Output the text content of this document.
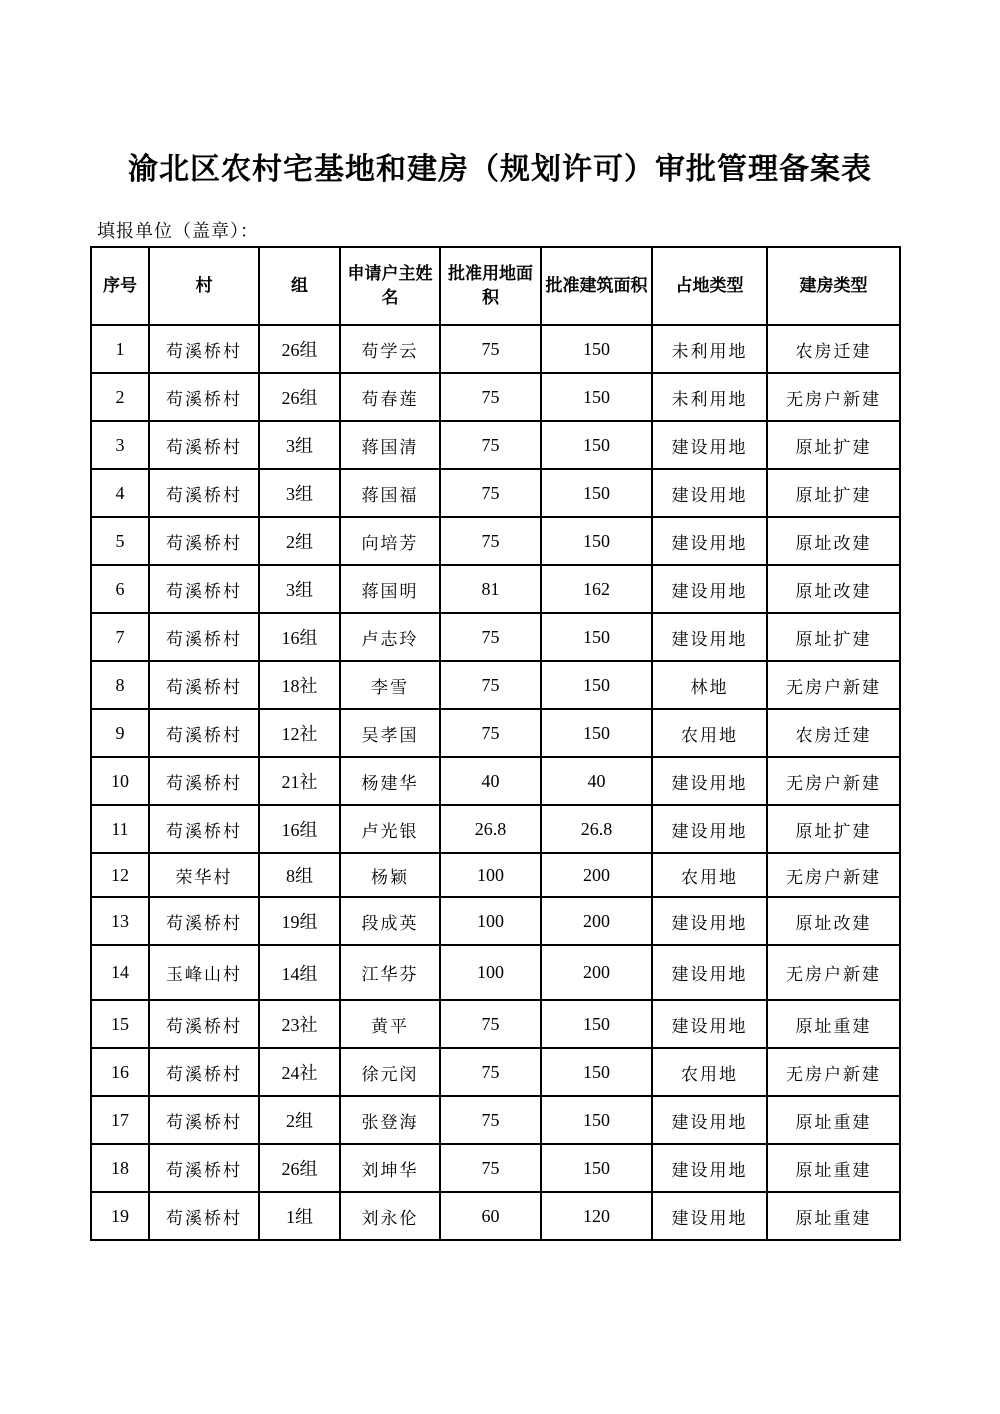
渝北区农村宅基地和建房（规划许可）审批管理备案表
填报单位（盖章）：
序号	村	组	申请户主姓名	批准用地面积	批准建筑面积	占地类型	建房类型
1	苟溪桥村	26组	苟学云	75	150	未利用地	农房迁建
2	苟溪桥村	26组	苟春莲	75	150	未利用地	无房户新建
3	苟溪桥村	3组	蒋国清	75	150	建设用地	原址扩建
4	苟溪桥村	3组	蒋国福	75	150	建设用地	原址扩建
5	苟溪桥村	2组	向培芳	75	150	建设用地	原址改建
6	苟溪桥村	3组	蒋国明	81	162	建设用地	原址改建
7	苟溪桥村	16组	卢志玲	75	150	建设用地	原址扩建
8	苟溪桥村	18社	李雪	75	150	林地	无房户新建
9	苟溪桥村	12社	吴孝国	75	150	农用地	农房迁建
10	苟溪桥村	21社	杨建华	40	40	建设用地	无房户新建
11	苟溪桥村	16组	卢光银	26.8	26.8	建设用地	原址扩建
12	荣华村	8组	杨颖	100	200	农用地	无房户新建
13	苟溪桥村	19组	段成英	100	200	建设用地	原址改建
14	玉峰山村	14组	江华芬	100	200	建设用地	无房户新建
15	苟溪桥村	23社	黄平	75	150	建设用地	原址重建
16	苟溪桥村	24社	徐元闵	75	150	农用地	无房户新建
17	苟溪桥村	2组	张登海	75	150	建设用地	原址重建
18	苟溪桥村	26组	刘坤华	75	150	建设用地	原址重建
19	苟溪桥村	1组	刘永伦	60	120	建设用地	原址重建
